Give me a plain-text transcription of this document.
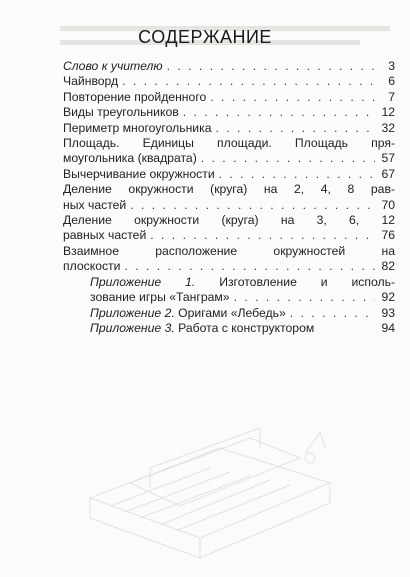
СОДЕРЖАНИЕ
Слово к учителю . . .	3
Чайнворд . . .	6
Повторение пройденного . . .	7
Виды треугольников . . .	12
Периметр многоугольника . . .	32
Площадь. Единицы площади. Площадь пря-
моугольника (квадрата) . . .	57
Вычерчивание окружности . . .	67
Деление окружности (круга) на 2, 4, 8 рав-
ных частей . . .	70
Деление окружности (круга) на 3, 6, 12
равных частей . . .	76
Взаимное расположение окружностей на
плоскости . . .	82
Приложение 1. Изготовление и исполь-
зование игры «Танграм» . . .	92
Приложение 2. Оригами «Лебедь» . . .	93
Приложение 3. Работа с конструктором	94
